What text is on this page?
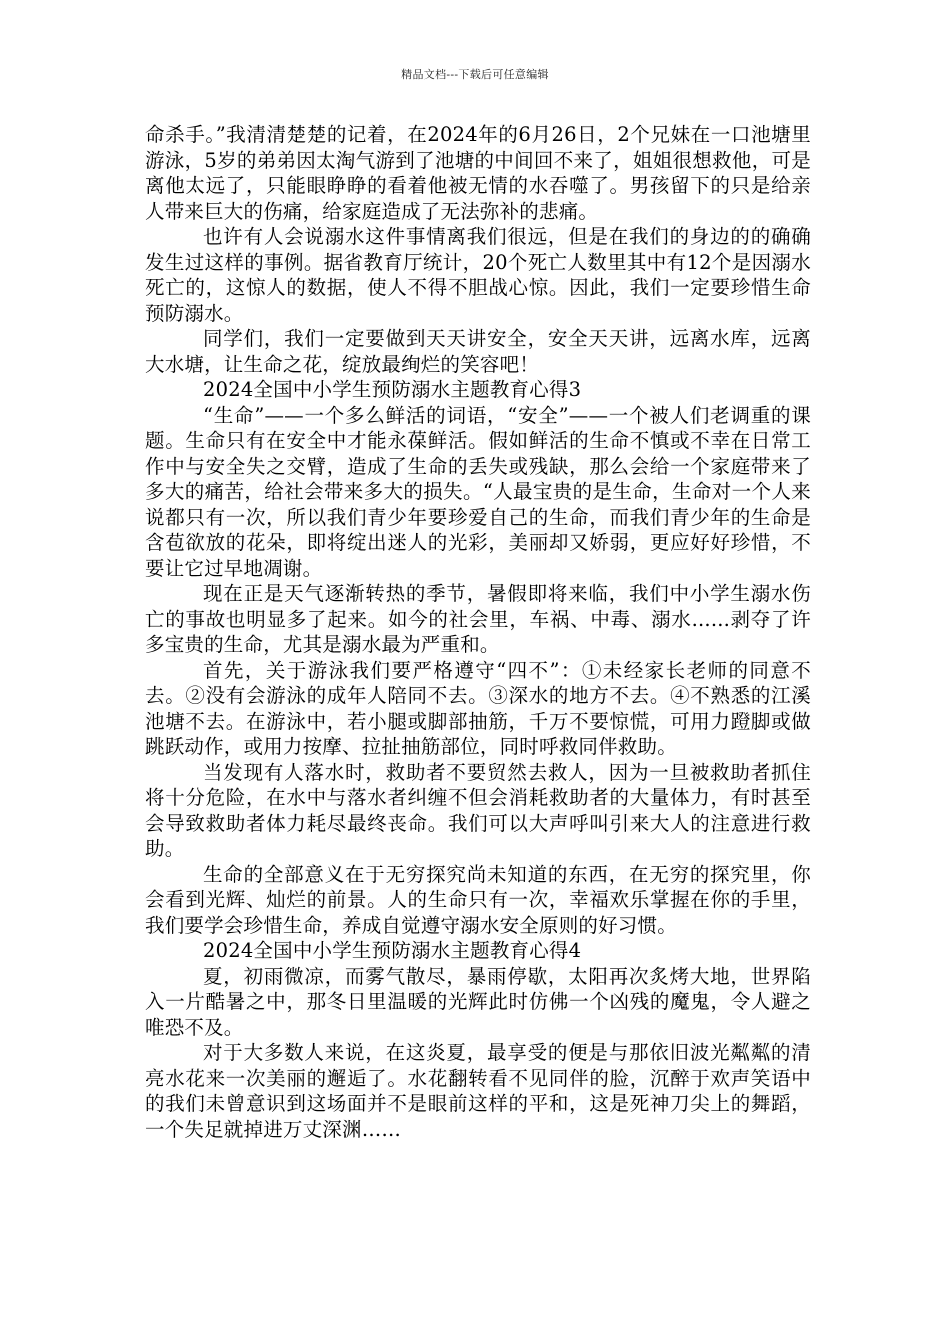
精品文档---下载后可任意编辑

命杀手。”我清清楚楚的记着，在2024年的6月26日，2个兄妹在一口池塘里游泳，5岁的弟弟因太淘气游到了池塘的中间回不来了，姐姐很想救他，可是离他太远了，只能眼睁睁的看着他被无情的水吞噬了。男孩留下的只是给亲人带来巨大的伤痛，给家庭造成了无法弥补的悲痛。

也许有人会说溺水这件事情离我们很远，但是在我们的身边的的确确发生过这样的事例。据省教育厅统计，20个死亡人数里其中有12个是因溺水死亡的，这惊人的数据，使人不得不胆战心惊。因此，我们一定要珍惜生命预防溺水。

同学们，我们一定要做到天天讲安全，安全天天讲，远离水库，远离大水塘，让生命之花，绽放最绚烂的笑容吧！

2024全国中小学生预防溺水主题教育心得3

“生命”——一个多么鲜活的词语，“安全”——一个被人们老调重的课题。生命只有在安全中才能永葆鲜活。假如鲜活的生命不慎或不幸在日常工作中与安全失之交臂，造成了生命的丢失或残缺，那么会给一个家庭带来了多大的痛苦，给社会带来多大的损失。“人最宝贵的是生命，生命对一个人来说都只有一次，所以我们青少年要珍爱自己的生命，而我们青少年的生命是含苞欲放的花朵，即将绽出迷人的光彩，美丽却又娇弱，更应好好珍惜，不要让它过早地凋谢。

现在正是天气逐渐转热的季节，暑假即将来临，我们中小学生溺水伤亡的事故也明显多了起来。如今的社会里，车祸、中毒、溺水......剥夺了许多宝贵的生命，尤其是溺水最为严重和。

首先，关于游泳我们要严格遵守“四不”：①未经家长老师的同意不去。②没有会游泳的成年人陪同不去。③深水的地方不去。④不熟悉的江溪池塘不去。在游泳中，若小腿或脚部抽筋，千万不要惊慌，可用力蹬脚或做跳跃动作，或用力按摩、拉扯抽筋部位，同时呼救同伴救助。

当发现有人落水时，救助者不要贸然去救人，因为一旦被救助者抓住将十分危险，在水中与落水者纠缠不但会消耗救助者的大量体力，有时甚至会导致救助者体力耗尽最终丧命。我们可以大声呼叫引来大人的注意进行救助。

生命的全部意义在于无穷探究尚未知道的东西，在无穷的探究里，你会看到光辉、灿烂的前景。人的生命只有一次，幸福欢乐掌握在你的手里，我们要学会珍惜生命，养成自觉遵守溺水安全原则的好习惯。

2024全国中小学生预防溺水主题教育心得4

夏，初雨微凉，而雾气散尽，暴雨停歇，太阳再次炙烤大地，世界陷入一片酷暑之中，那冬日里温暖的光辉此时仿佛一个凶残的魔鬼，令人避之唯恐不及。

对于大多数人来说，在这炎夏，最享受的便是与那依旧波光粼粼的清亮水花来一次美丽的邂逅了。水花翻转看不见同伴的脸，沉醉于欢声笑语中的我们未曾意识到这场面并不是眼前这样的平和，这是死神刀尖上的舞蹈，一个失足就掉进万丈深渊……
